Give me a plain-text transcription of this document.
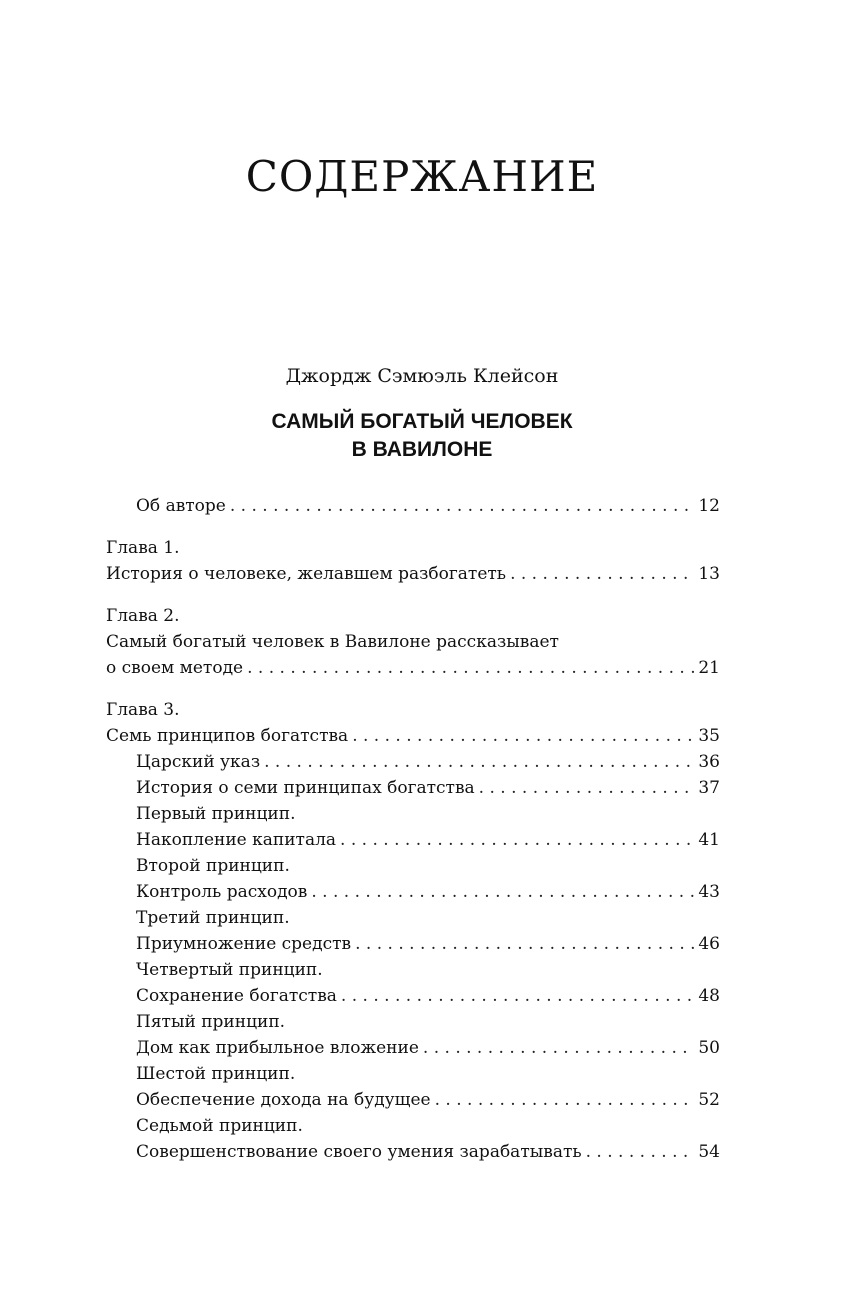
СОДЕРЖАНИЕ
Джордж Сэмюэль Клейсон
САМЫЙ БОГАТЫЙ ЧЕЛОВЕК
В ВАВИЛОНЕ
Об авторе . . .	12
Глава 1.
История о человеке, желавшем разбогатеть . . .	13
Глава 2.
Самый богатый человек в Вавилоне рассказывает
о своем методе . . .	21
Глава 3.
Семь принципов богатства . . .	35
Царский указ . . .	36
История о семи принципах богатства . . .	37
Первый принцип.
Накопление капитала . . .	41
Второй принцип.
Контроль расходов . . .	43
Третий принцип.
Приумножение средств . . .	46
Четвертый принцип.
Сохранение богатства . . .	48
Пятый принцип.
Дом как прибыльное вложение . . .	50
Шестой принцип.
Обеспечение дохода на будущее . . .	52
Седьмой принцип.
Совершенствование своего умения зарабатывать . . .	54
